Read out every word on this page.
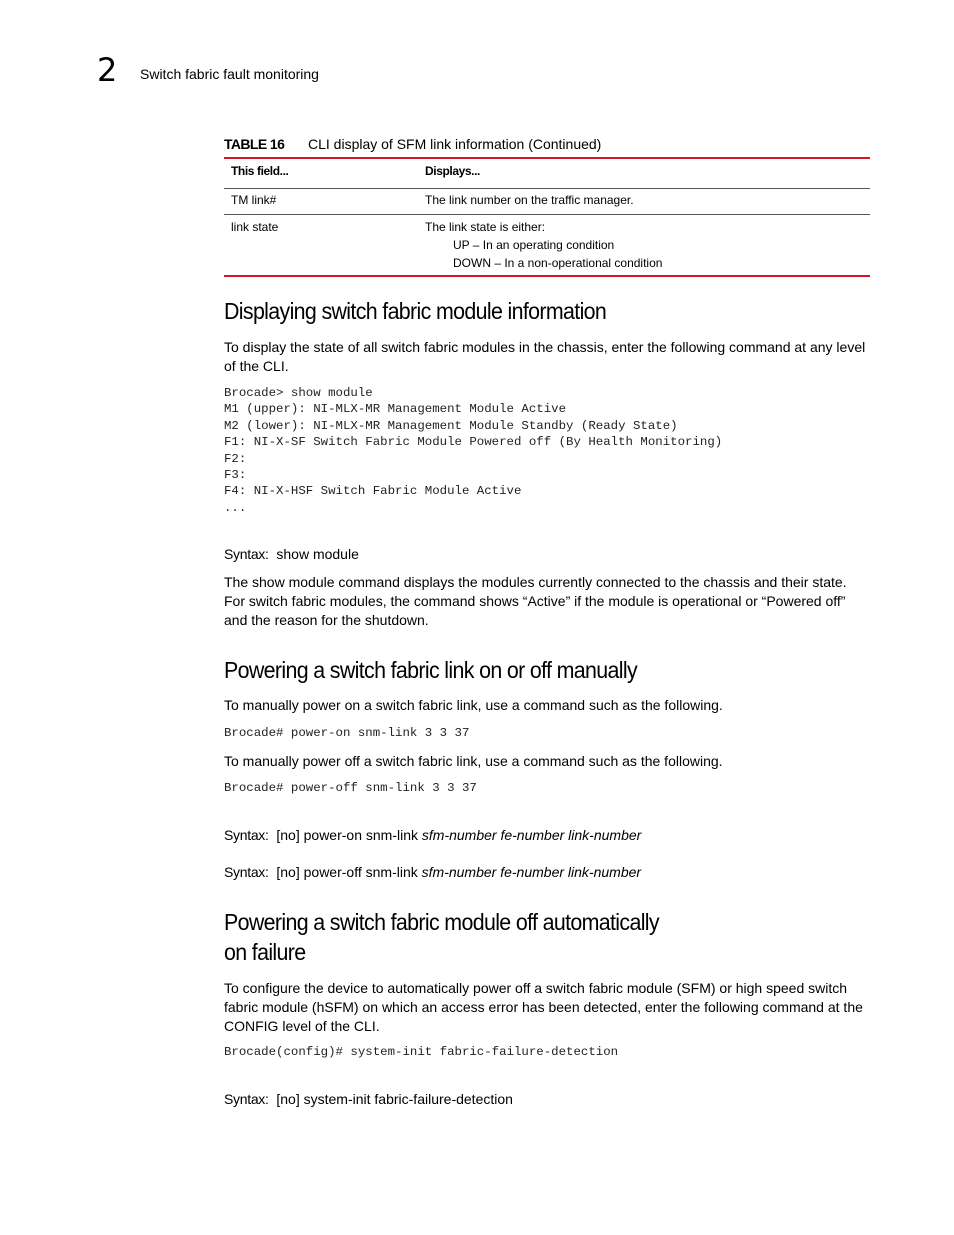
2 Switch fabric fault monitoring
TABLE 16 CLI display of SFM link information (Continued)
This field...	Displays...
TM link#	The link number on the traffic manager.
link state	The link state is either:
UP – In an operating condition
DOWN – In a non-operational condition
Displaying switch fabric module information
To display the state of all switch fabric modules in the chassis, enter the following command at any level of the CLI.
Brocade> show module
M1 (upper): NI-MLX-MR Management Module Active
M2 (lower): NI-MLX-MR Management Module Standby (Ready State)
F1: NI-X-SF Switch Fabric Module Powered off (By Health Monitoring)
F2:
F3:
F4: NI-X-HSF Switch Fabric Module Active
...
Syntax: show module
The show module command displays the modules currently connected to the chassis and their state. For switch fabric modules, the command shows “Active” if the module is operational or “Powered off” and the reason for the shutdown.
Powering a switch fabric link on or off manually
To manually power on a switch fabric link, use a command such as the following.
Brocade# power-on snm-link 3 3 37
To manually power off a switch fabric link, use a command such as the following.
Brocade# power-off snm-link 3 3 37
Syntax: [no] power-on snm-link sfm-number fe-number link-number
Syntax: [no] power-off snm-link sfm-number fe-number link-number
Powering a switch fabric module off automatically
on failure
To configure the device to automatically power off a switch fabric module (SFM) or high speed switch fabric module (hSFM) on which an access error has been detected, enter the following command at the CONFIG level of the CLI.
Brocade(config)# system-init fabric-failure-detection
Syntax: [no] system-init fabric-failure-detection
